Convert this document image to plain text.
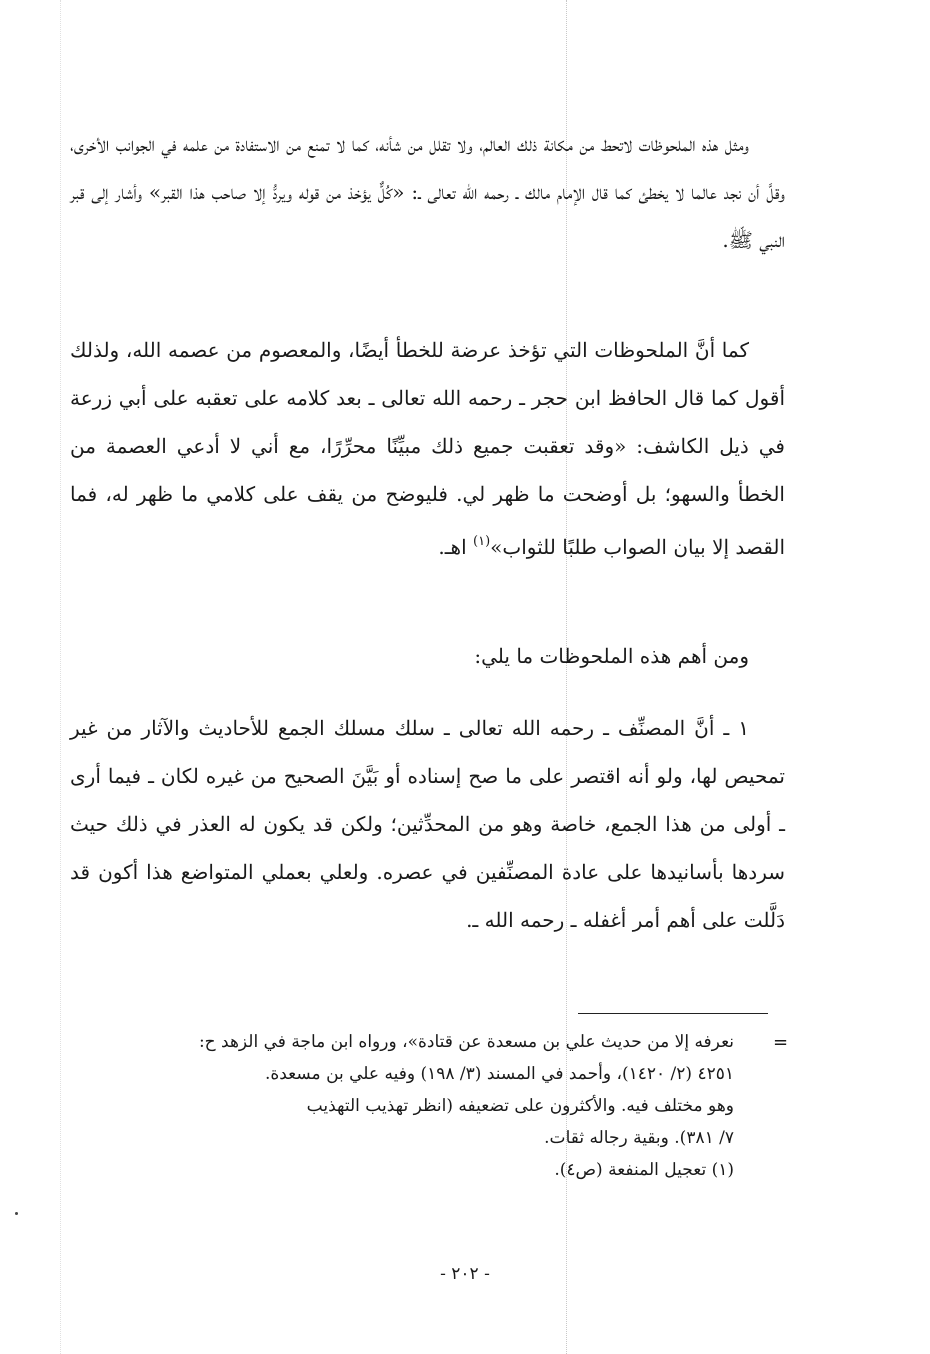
ومثل هذه الملحوظات لاتحط من مكانة ذلك العالم، ولا تقلل من شأنه، كما لا تمنع من الاستفادة من علمه في الجوانب الأخرى، وقلَّ أن نجد عالما لا يخطئ كما قال الإمام مالك ـ رحمه الله تعالى ـ: «كُلٌّ يؤخذ من قوله ويردُّ إلا صاحب هذا القبر» وأشار إلى قبر النبي ﷺ.

كما أنَّ الملحوظات التي تؤخذ عرضة للخطأ أيضًا، والمعصوم من عصمه الله، ولذلك أقول كما قال الحافظ ابن حجر ـ رحمه الله تعالى ـ بعد كلامه على تعقبه على أبي زرعة في ذيل الكاشف: «وقد تعقبت جميع ذلك مبيِّنًا محرِّرًا، مع أني لا أدعي العصمة من الخطأ والسهو؛ بل أوضحت ما ظهر لي. فليوضح من يقف على كلامي ما ظهر له، فما القصد إلا بيان الصواب طلبًا للثواب»$^{(١)}$ اهـ.

ومن أهم هذه الملحوظات ما يلي:

١ ـ أنَّ المصنِّف ـ رحمه الله تعالى ـ سلك مسلك الجمع للأحاديث والآثار من غير تمحيص لها، ولو أنه اقتصر على ما صح إسناده أو بَيَّنَ الصحيح من غيره لكان ـ فيما أرى ـ أولى من هذا الجمع، خاصة وهو من المحدِّثين؛ ولكن قد يكون له العذر في ذلك حيث سردها بأسانيدها على عادة المصنِّفين في عصره. ولعلي بعملي المتواضع هذا أكون قد دَلَّلت على أهم أمر أغفله ـ رحمه الله ـ.

=
نعرفه إلا من حديث علي بن مسعدة عن قتادة»، ورواه ابن ماجة في الزهد ح:
٤٢٥١ (٢/ ١٤٢٠)، وأحمد في المسند (٣/ ١٩٨) وفيه علي بن مسعدة.
وهو مختلف فيه. والأكثرون على تضعيفه (انظر تهذيب التهذيب
٧/ ٣٨١). وبقية رجاله ثقات.
(١) تعجيل المنفعة (ص٤).
- ٢٠٢ -
